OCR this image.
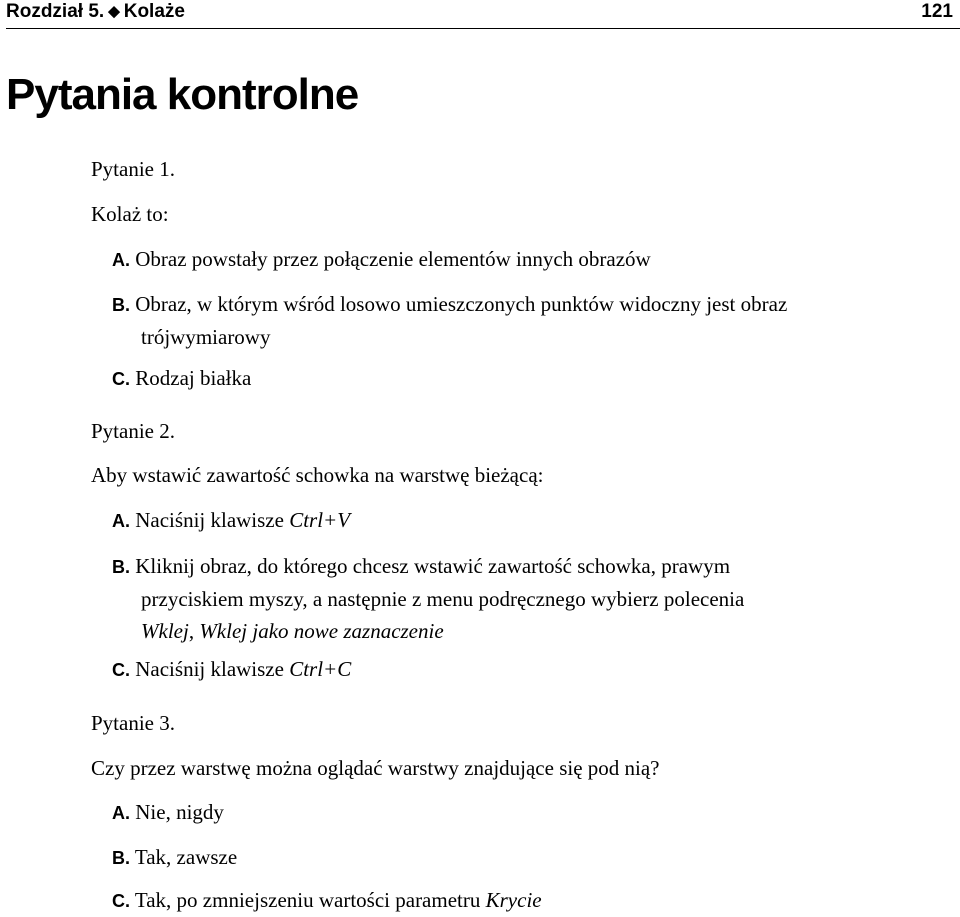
Rozdział 5. ◆ Kolaże	121
Pytania kontrolne
Pytanie 1.
Kolaż to:
A. Obraz powstały przez połączenie elementów innych obrazów
B. Obraz, w którym wśród losowo umieszczonych punktów widoczny jest obraz
trójwymiarowy
C. Rodzaj białka
Pytanie 2.
Aby wstawić zawartość schowka na warstwę bieżącą:
A. Naciśnij klawisze Ctrl+V
B. Kliknij obraz, do którego chcesz wstawić zawartość schowka, prawym
przyciskiem myszy, a następnie z menu podręcznego wybierz polecenia
Wklej, Wklej jako nowe zaznaczenie
C. Naciśnij klawisze Ctrl+C
Pytanie 3.
Czy przez warstwę można oglądać warstwy znajdujące się pod nią?
A. Nie, nigdy
B. Tak, zawsze
C. Tak, po zmniejszeniu wartości parametru Krycie
